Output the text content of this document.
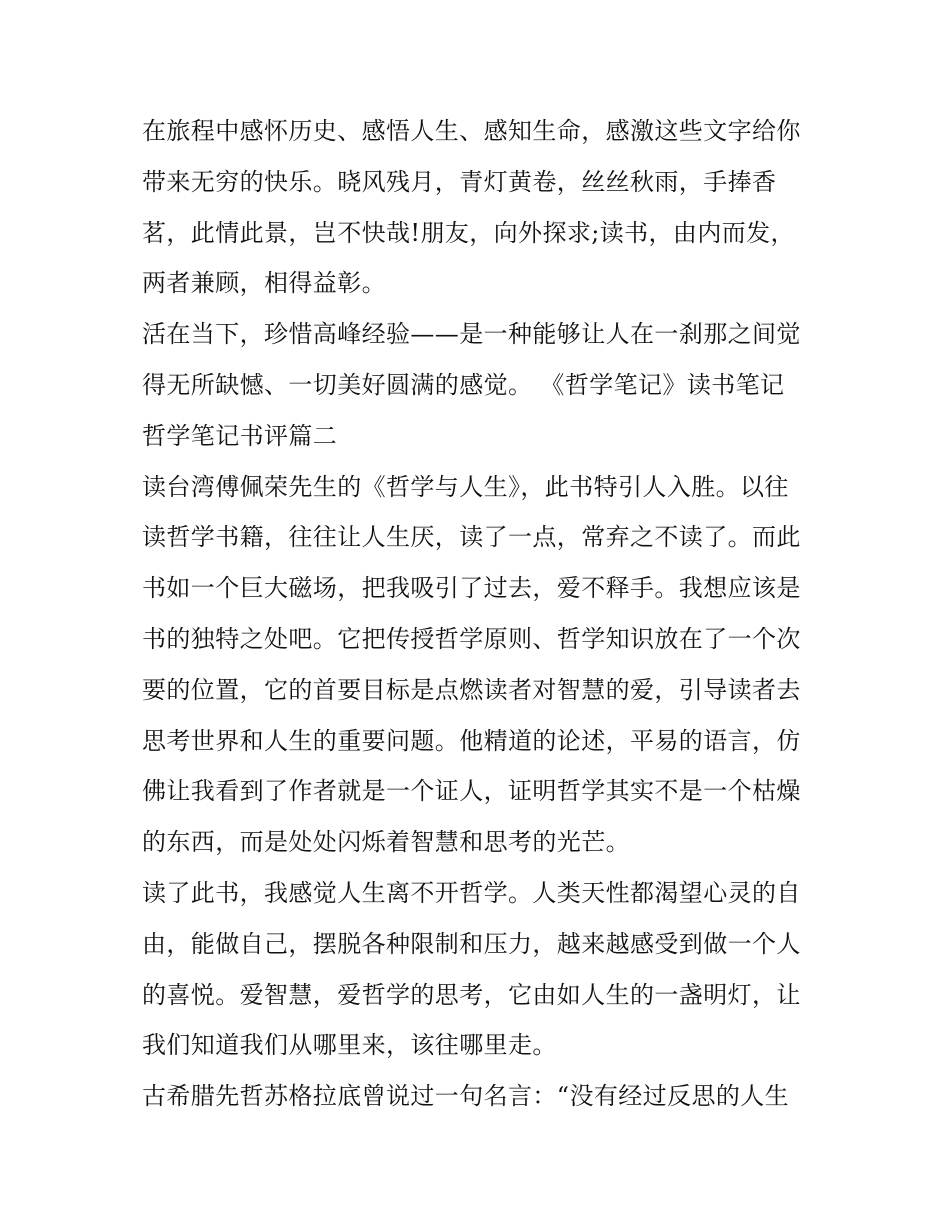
在旅程中感怀历史、感悟人生、感知生命，感激这些文字给你
带来无穷的快乐。晓风残月，青灯黄卷，丝丝秋雨，手捧香
茗，此情此景，岂不快哉!朋友，向外探求;读书，由内而发，
两者兼顾，相得益彰。
活在当下，珍惜高峰经验——是一种能够让人在一刹那之间觉
得无所缺憾、一切美好圆满的感觉。 《哲学笔记》读书笔记
哲学笔记书评篇二
读台湾傅佩荣先生的《哲学与人生》，此书特引人入胜。以往
读哲学书籍，往往让人生厌，读了一点，常弃之不读了。而此
书如一个巨大磁场，把我吸引了过去，爱不释手。我想应该是
书的独特之处吧。它把传授哲学原则、哲学知识放在了一个次
要的位置，它的首要目标是点燃读者对智慧的爱，引导读者去
思考世界和人生的重要问题。他精道的论述，平易的语言，仿
佛让我看到了作者就是一个证人，证明哲学其实不是一个枯燥
的东西，而是处处闪烁着智慧和思考的光芒。
读了此书，我感觉人生离不开哲学。人类天性都渴望心灵的自
由，能做自己，摆脱各种限制和压力，越来越感受到做一个人
的喜悦。爱智慧，爱哲学的思考，它由如人生的一盏明灯，让
我们知道我们从哪里来，该往哪里走。
古希腊先哲苏格拉底曾说过一句名言：“没有经过反思的人生
